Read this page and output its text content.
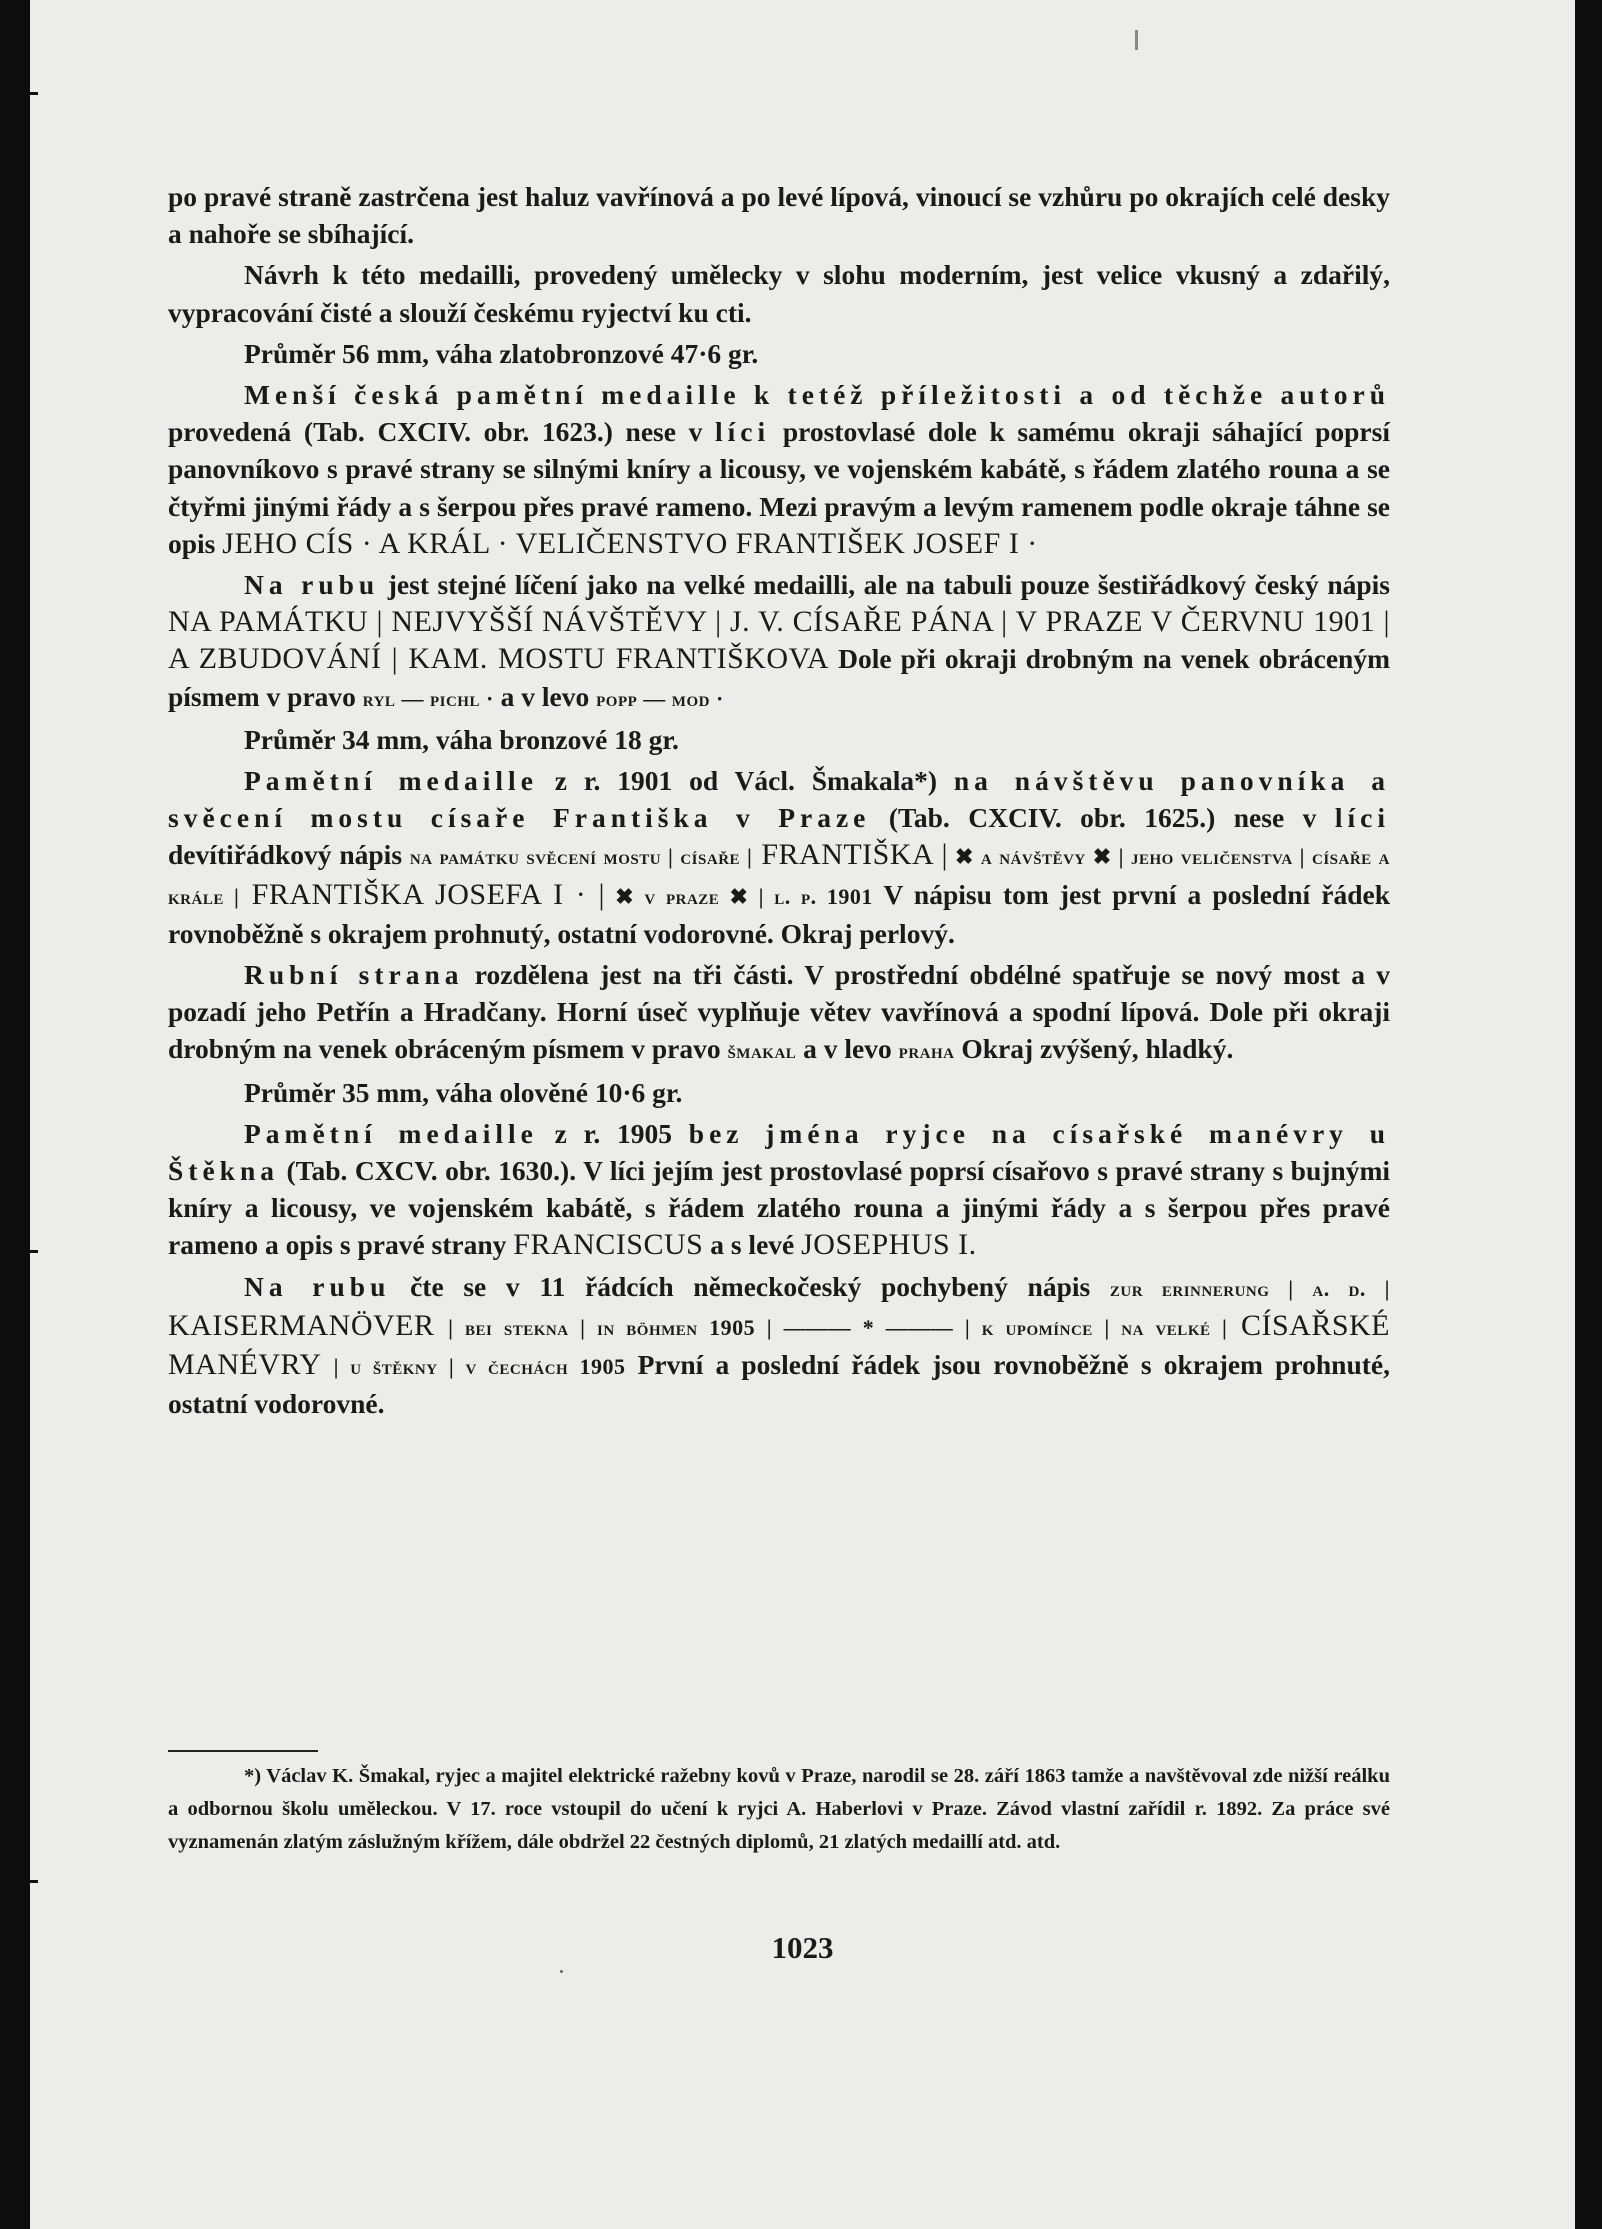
po pravé straně zastrčena jest haluz vavřínová a po levé lípová, vinoucí se vzhůru po okrajích celé desky a nahoře se sbíhající.

Návrh k této medailli, provedený umělecky v slohu moderním, jest velice vkusný a zdařilý, vypracování čisté a slouží českému ryjectví ku cti.

Průměr 56 mm, váha zlatobronzové 47·6 gr.

Menší česká pamětní medaille k tetéž příležitosti a od těchže autorů provedená (Tab. CXCIV. obr. 1623.) nese v líci prostovlasé dole k samému okraji sáhající poprsí panovníkovo s pravé strany se silnými kníry a licousy, ve vojenském kabátě, s řádem zlatého rouna a se čtyřmi jinými řády a s šerpou přes pravé rameno. Mezi pravým a levým ramenem podle okraje táhne se opis JEHO CÍS · A KRÁL · VELIČENSTVO FRANTIŠEK JOSEF I ·

Na rubu jest stejné líčení jako na velké medailli, ale na tabuli pouze šestiřádkový český nápis NA PAMÁTKU | NEJVYŠŠÍ NÁVŠTĚVY | J. V. CÍSAŘE PÁNA | V PRAZE V ČERVNU 1901 | A ZBUDOVÁNÍ | KAM. MOSTU FRANTIŠKOVA Dole při okraji drobným na venek obráceným písmem v pravo ryl — pichl · a v levo popp — mod ·

Průměr 34 mm, váha bronzové 18 gr.

Pamětní medaille z r. 1901 od Václ. Šmakala*) na návštěvu panovníka a svěcení mostu císaře Františka v Praze (Tab. CXCIV. obr. 1625.) nese v líci devítiřádkový nápis na památku svěcení mostu | císaře | FRANTIŠKA | ✖ a návštěvy ✖ | jeho veličenstva | císaře a krále | FRANTIŠKA JOSEFA I · | ✖ v praze ✖ | l. p. 1901 V nápisu tom jest první a poslední řádek rovnoběžně s okrajem prohnutý, ostatní vodorovné. Okraj perlový.

Rubní strana rozdělena jest na tři části. V prostřední obdélné spatřuje se nový most a v pozadí jeho Petřín a Hradčany. Horní úseč vyplňuje větev vavřínová a spodní lípová. Dole při okraji drobným na venek obráceným písmem v pravo šmakal a v levo praha Okraj zvýšený, hladký.

Průměr 35 mm, váha olověné 10·6 gr.

Pamětní medaille z r. 1905 bez jména ryjce na císařské manévry u Štěkna (Tab. CXCV. obr. 1630.). V líci jejím jest prostovlasé poprsí císařovo s pravé strany s bujnými kníry a licousy, ve vojenském kabátě, s řádem zlatého rouna a jinými řády a s šerpou přes pravé rameno a opis s pravé strany FRANCISCUS a s levé JOSEPHUS I.

Na rubu čte se v 11 řádcích německočeský pochybený nápis zur erinnerung | a. d. | KAISERMANÖVER | bei stekna | in böhmen 1905 | ——— * ——— | k upomínce | na velké | CÍSAŘSKÉ MANÉVRY | u štěkny | v čechách 1905 První a poslední řádek jsou rovnoběžně s okrajem prohnuté, ostatní vodorovné.

*) Václav K. Šmakal, ryjec a majitel elektrické ražebny kovů v Praze, narodil se 28. září 1863 tamže a navštěvoval zde nižší reálku a odbornou školu uměleckou. V 17. roce vstoupil do učení k ryjci A. Haberlovi v Praze. Závod vlastní zařídil r. 1892. Za práce své vyznamenán zlatým záslužným křížem, dále obdržel 22 čestných diplomů, 21 zlatých medaillí atd. atd.
1023
